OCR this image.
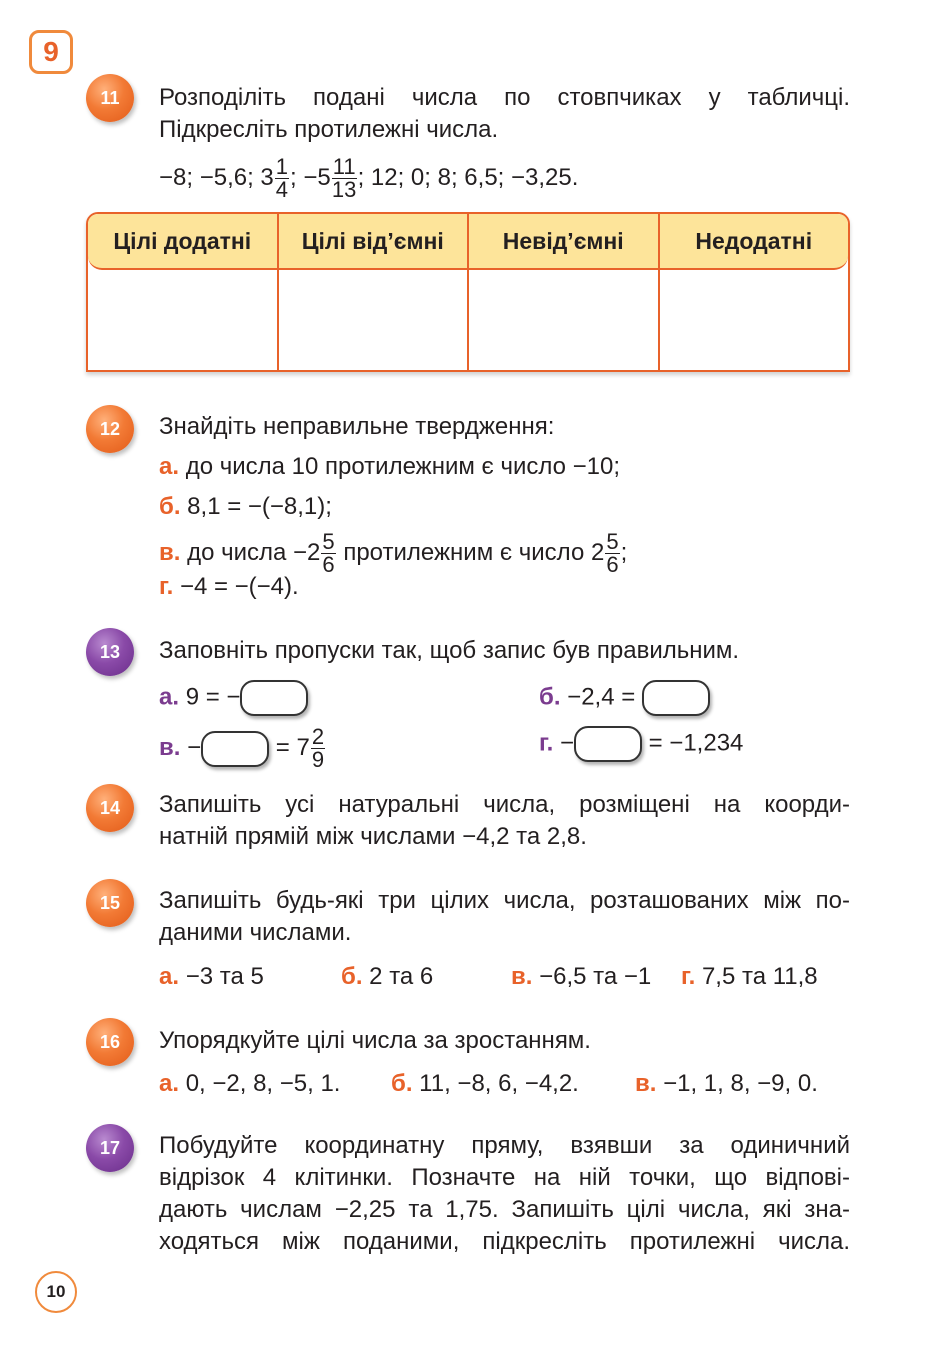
9
11	Розподіліть подані числа по стовпчиках у табличці.
Підкресліть протилежні числа.
−8; −5,6; $3 \frac{1}{4}$ ; $-5 \frac{11}{13}$ ; 12; 0; 8; 6,5; −3,25.
Цілі додатні	Цілі від’ємні	Невід’ємні	Недодатні
12	Знайдіть неправильне твердження:
а. до числа 10 протилежним є число −10;
б. 8,1 = −(−8,1);
в. до числа $-2 \frac{5}{6}$ протилежним є число $2 \frac{5}{6}$ ;
г. −4 = −(−4).
13	Заповніть пропуски так, щоб запис був правильним.
а. 9 = −	б. −2,4 =
в. −	= $7 \frac{2}{9}$	г. −	= −1,234
14	Запишіть усі натуральні числа, розміщені на коорди-
натній прямій між числами −4,2 та 2,8.
15	Запишіть будь-які три цілих числа, розташованих між по-
даними числами.
а. −3 та 5	б. 2 та 6	в. −6,5 та −1 г. 7,5 та 11,8
16	Упорядкуйте цілі числа за зростанням.
а. 0, −2, 8, −5, 1. б. 11, −8, 6, −4,2. в. −1, 1, 8, −9, 0.
17	Побудуйте координатну пряму, взявши за одиничний
відрізок 4 клітинки. Позначте на ній точки, що відпові-
дають числам −2,25 та 1,75. Запишіть цілі числа, які зна-
ходяться між поданими, підкресліть протилежні числа.
10
